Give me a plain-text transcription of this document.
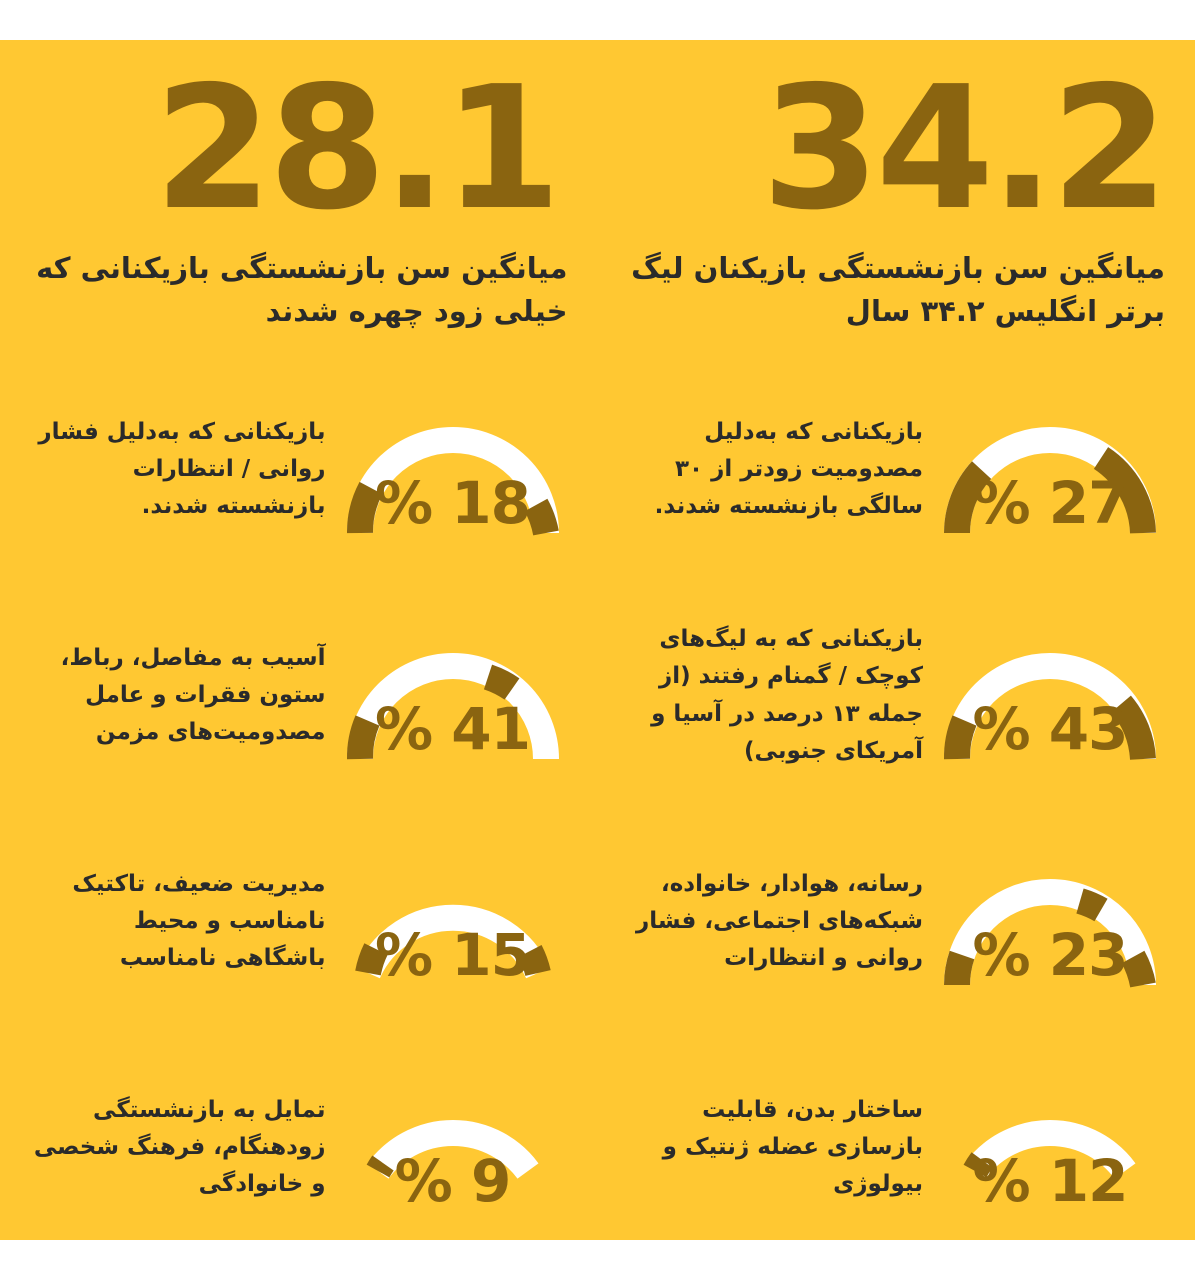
34.2
میانگین سن بازنشستگی بازیکنان لیگ برتر انگلیس ۳۴.۲ سال
بازیکنانی که به‌دلیل مصدومیت زودتر از ۳۰ سالگی بازنشسته شدند. % 27
بازیکنانی که به لیگ‌های کوچک / گمنام رفتند (از جمله ۱۳ درصد در آسیا و آمریکای جنوبی) % 43
رسانه، هوادار، خانواده، شبکه‌های اجتماعی، فشار روانی و انتظارات % 23
ساختار بدن، قابلیت بازسازی عضله ژنتیک و بیولوژی % 12
28.1
میانگین سن بازنشستگی بازیکنانی که خیلی زود چهره شدند
بازیکنانی که به‌دلیل فشار روانی / انتظارات بازنشسته شدند. % 18
آسیب به مفاصل، رباط، ستون فقرات و عامل مصدومیت‌های مزمن % 41
مدیریت ضعیف، تاکتیک نامناسب و محیط باشگاهی نامناسب % 15
تمایل به بازنشستگی زودهنگام، فرهنگ شخصی و خانوادگی	% 9
